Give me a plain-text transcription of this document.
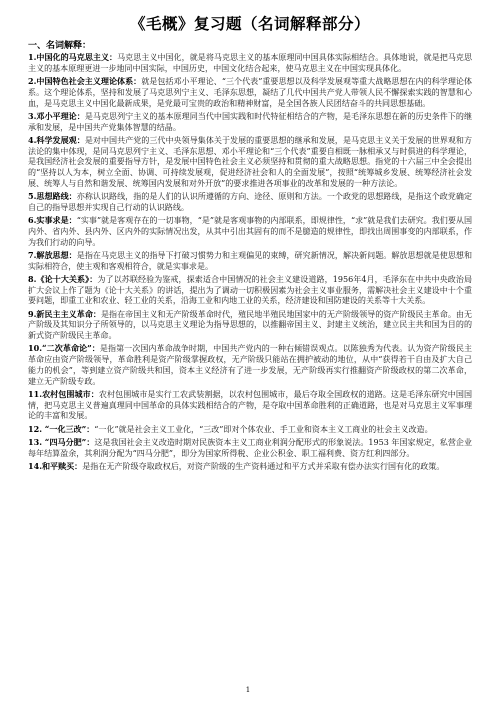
《毛概》复习题（名词解释部分）
一、名词解释：
1.中国化的马克思主义：马克思主义中国化，就是将马克思主义的基本原理同中国具体实际相结合。具体地说，就是把马克思主义的基本原理更进一步地同中国实际，中国历史，中国文化结合起来，使马克思主义在中国实现具体化。
2.中国特色社会主义理论体系：就是包括邓小平理论、“三个代表”重要思想以及科学发展观等重大战略思想在内的科学理论体系。这个理论体系，坚持和发展了马克思列宁主义、毛泽东思想，凝结了几代中国共产党人带领人民不懈探索实践的智慧和心血，是马克思主义中国化最新成果，是党最可宝贵的政治和精神财富，是全国各族人民团结奋斗的共同思想基础。
3.邓小平理论：是马克思列宁主义的基本原理同当代中国实践和时代特征相结合的产物，是毛泽东思想在新的历史条件下的继承和发展，是中国共产党集体智慧的结晶。
4.科学发展观：是对中国共产党的三代中央领导集体关于发展的重要思想的继承和发展，是马克思主义关于发展的世界观和方法论的集中体现，是同马克思列宁主义、毛泽东思想、邓小平理论和“三个代表”重要自相既一脉相承又与时俱进的科学理论，是我国经济社会发展的重要指导方针，是发展中国特色社会主义必须坚持和贯彻的重大战略思想。指党的十六届三中全会提出的“坚持以人为本，树立全面、协调、可持续发展观，促进经济社会和人的全面发展”，按照“统筹城乡发展、统筹经济社会发展、统筹人与自然和谐发展、统筹国内发展和对外开放”的要求推进各项事业的改革和发展的一种方法论。
5.思想路线：亦称认识路线，指的是人们的认识所遵循的方向、途径、原则和方法。一个政党的思想路线，是指这个政党确定自己的指导思想并实现自己行动的认识路线。
6.实事求是：“实事”就是客观存在的一切事物，“是”就是客观事物的内部联系，即规律性，“求”就是我们去研究。我们要从国内外、省内外、县内外、区内外的实际情况出发，从其中引出其固有的而不是臆造的规律性，即找出周围事变的内部联系，作为我们行动的向导。
7.解放思想：是指在马克思主义的指导下打破习惯势力和主观偏见的束缚，研究新情况，解决新问题。解放思想就是使思想和实际相符合，使主观和客观相符合，就是实事求是。
8.《论十大关系》：为了以苏联经验为鉴戒，探索适合中国情况的社会主义建设道路，1956年4月，毛泽东在中共中央政治局扩大会议上作了题为《论十大关系》的讲话，提出为了调动一切积极因素为社会主义事业服务，需解决社会主义建设中十个重要问题，即重工业和农业、轻工业的关系，沿海工业和内地工业的关系，经济建设和国防建设的关系等十大关系。
9.新民主主义革命：是指在帝国主义和无产阶级革命时代，殖民地半殖民地国家中的无产阶级领导的资产阶级民主革命。由无产阶级及其知识分子所领导的，以马克思主义理论为指导思想的，以推翻帝国主义、封建主义统治，建立民主共和国为目的的新式资产阶级民主革命。
10.“二次革命论”：是指第一次国内革命战争时期，中国共产党内的一种右倾错误观点。以陈独秀为代表。认为资产阶级民主革命应由资产阶级领导，革命胜利是资产阶级掌握政权，无产阶级只能站在拥护被动的地位，从中“获得若干自由及扩大自己能力的机会”，等到建立资产阶级共和国，资本主义经济有了进一步发展，无产阶级再实行推翻资产阶级政权的第二次革命，建立无产阶级专政。
11.农村包围城市：农村包围城市是实行工农武装割据，以农村包围城市，最后夺取全国政权的道路。这是毛泽东研究中国国情，把马克思主义普遍真理同中国革命的具体实践相结合的产物，是夺取中国革命胜利的正确道路，也是对马克思主义军事理论的丰富和发展。
12. “一化三改”：“一化”就是社会主义工业化，“三改”即对个体农业、手工业和资本主义工商业的社会主义改造。
13. “四马分肥”：这是我国社会主义改造时期对民族资本主义工商业利润分配形式的形象说法。1953 年国家规定，私营企业每年结算盈余，其利润分配为“四马分肥”，即分为国家所得税、企业公积金、职工福利费、资方红利四部分。
14.和平赎买：是指在无产阶级夺取政权后，对资产阶级的生产资料通过和平方式并采取有偿办法实行国有化的政策。
1
